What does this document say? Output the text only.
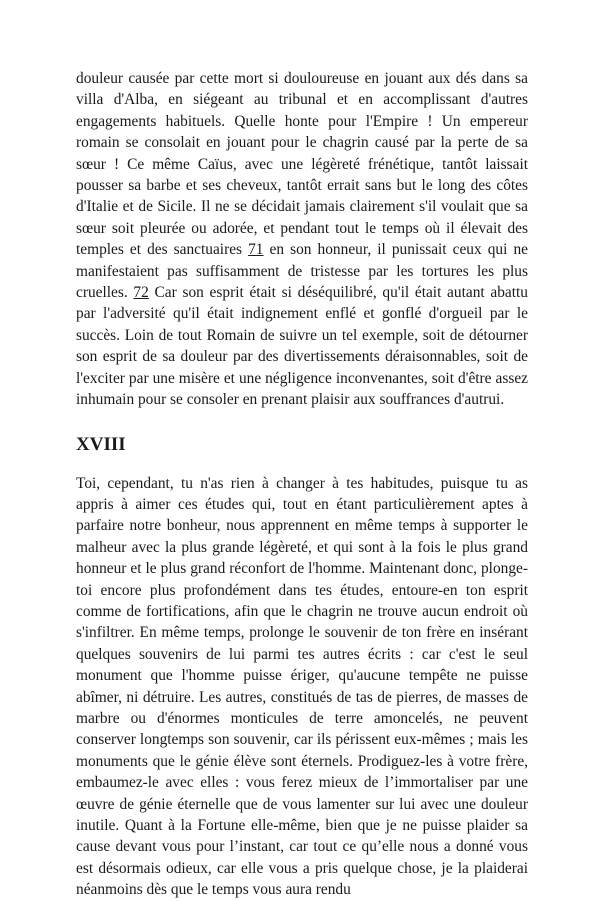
douleur causée par cette mort si douloureuse en jouant aux dés dans sa villa d'Alba, en siégeant au tribunal et en accomplissant d'autres engagements habituels. Quelle honte pour l'Empire ! Un empereur romain se consolait en jouant pour le chagrin causé par la perte de sa sœur ! Ce même Caïus, avec une légèreté frénétique, tantôt laissait pousser sa barbe et ses cheveux, tantôt errait sans but le long des côtes d'Italie et de Sicile. Il ne se décidait jamais clairement s'il voulait que sa sœur soit pleurée ou adorée, et pendant tout le temps où il élevait des temples et des sanctuaires 71 en son honneur, il punissait ceux qui ne manifestaient pas suffisamment de tristesse par les tortures les plus cruelles. 72 Car son esprit était si déséquilibré, qu'il était autant abattu par l'adversité qu'il était indignement enflé et gonflé d'orgueil par le succès. Loin de tout Romain de suivre un tel exemple, soit de détourner son esprit de sa douleur par des divertissements déraisonnables, soit de l'exciter par une misère et une négligence inconvenantes, soit d'être assez inhumain pour se consoler en prenant plaisir aux souffrances d'autrui.

XVIII

Toi, cependant, tu n'as rien à changer à tes habitudes, puisque tu as appris à aimer ces études qui, tout en étant particulièrement aptes à parfaire notre bonheur, nous apprennent en même temps à supporter le malheur avec la plus grande légèreté, et qui sont à la fois le plus grand honneur et le plus grand réconfort de l'homme. Maintenant donc, plonge-toi encore plus profondément dans tes études, entoure-en ton esprit comme de fortifications, afin que le chagrin ne trouve aucun endroit où s'infiltrer. En même temps, prolonge le souvenir de ton frère en insérant quelques souvenirs de lui parmi tes autres écrits : car c'est le seul monument que l'homme puisse ériger, qu'aucune tempête ne puisse abîmer, ni détruire. Les autres, constitués de tas de pierres, de masses de marbre ou d'énormes monticules de terre amoncelés, ne peuvent conserver longtemps son souvenir, car ils périssent eux-mêmes ; mais les monuments que le génie élève sont éternels. Prodiguez-les à votre frère, embaumez-le avec elles : vous ferez mieux de l’immortaliser par une œuvre de génie éternelle que de vous lamenter sur lui avec une douleur inutile. Quant à la Fortune elle-même, bien que je ne puisse plaider sa cause devant vous pour l’instant, car tout ce qu’elle nous a donné vous est désormais odieux, car elle vous a pris quelque chose, je la plaiderai néanmoins dès que le temps vous aura rendu
